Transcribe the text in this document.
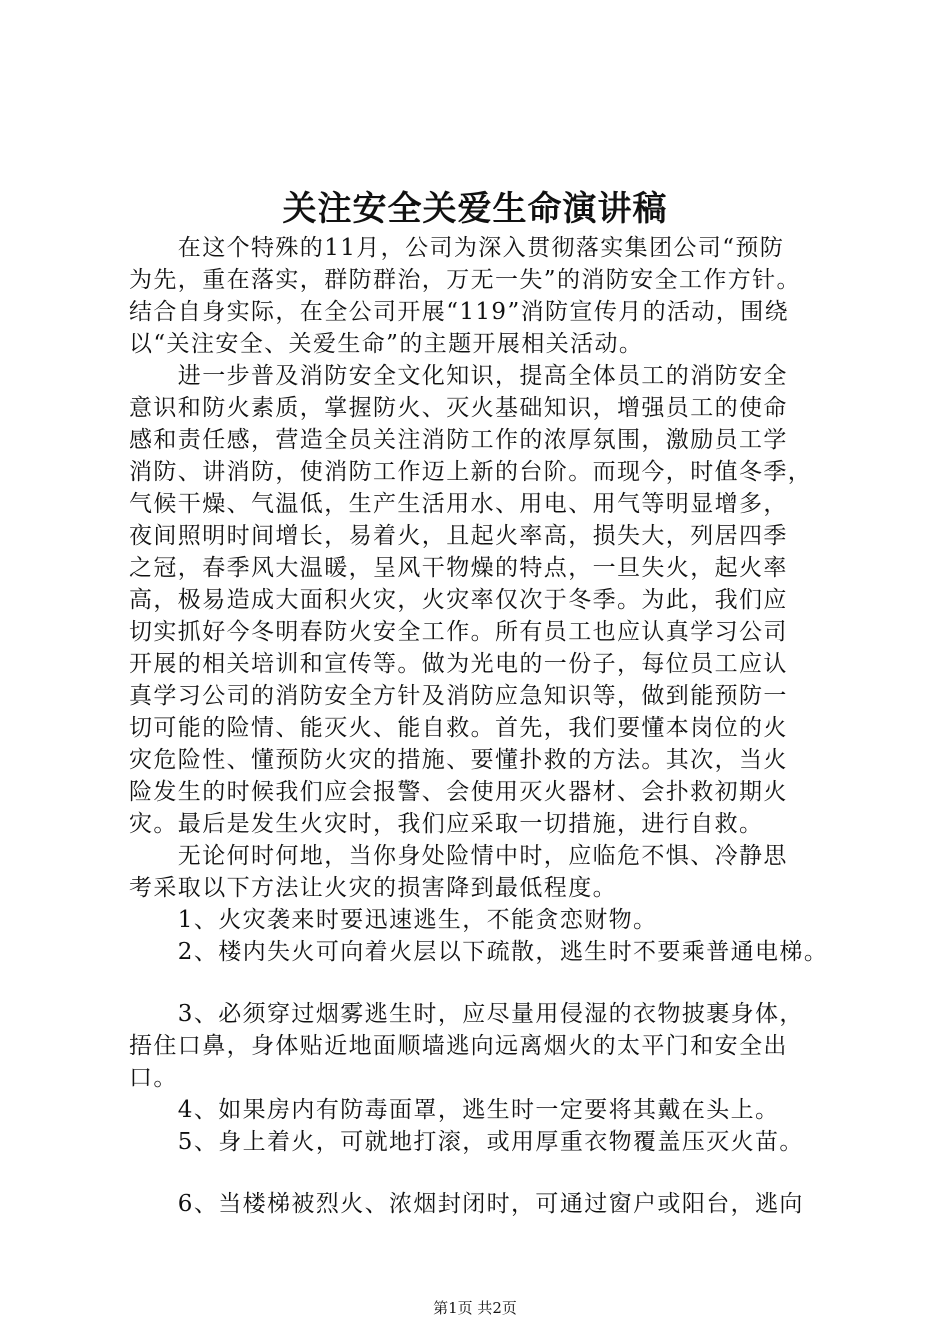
关注安全关爱生命演讲稿
　　在这个特殊的11月，公司为深入贯彻落实集团公司“预防
为先，重在落实，群防群治，万无一失”的消防安全工作方针。
结合自身实际，在全公司开展“119”消防宣传月的活动，围绕
以“关注安全、关爱生命”的主题开展相关活动。
　　进一步普及消防安全文化知识，提高全体员工的消防安全
意识和防火素质，掌握防火、灭火基础知识，增强员工的使命
感和责任感，营造全员关注消防工作的浓厚氛围，激励员工学
消防、讲消防，使消防工作迈上新的台阶。而现今，时值冬季，
气候干燥、气温低，生产生活用水、用电、用气等明显增多，
夜间照明时间增长，易着火，且起火率高，损失大，列居四季
之冠，春季风大温暖，呈风干物燥的特点，一旦失火，起火率
高，极易造成大面积火灾，火灾率仅次于冬季。为此，我们应
切实抓好今冬明春防火安全工作。所有员工也应认真学习公司
开展的相关培训和宣传等。做为光电的一份子，每位员工应认
真学习公司的消防安全方针及消防应急知识等，做到能预防一
切可能的险情、能灭火、能自救。首先，我们要懂本岗位的火
灾危险性、懂预防火灾的措施、要懂扑救的方法。其次，当火
险发生的时候我们应会报警、会使用灭火器材、会扑救初期火
灾。最后是发生火灾时，我们应采取一切措施，进行自救。
　　无论何时何地，当你身处险情中时，应临危不惧、冷静思
考采取以下方法让火灾的损害降到最低程度。
　　1、火灾袭来时要迅速逃生，不能贪恋财物。
　　2、楼内失火可向着火层以下疏散，逃生时不要乘普通电梯。
　　3、必须穿过烟雾逃生时，应尽量用侵湿的衣物披裹身体，
捂住口鼻，身体贴近地面顺墙逃向远离烟火的太平门和安全出
口。
　　4、如果房内有防毒面罩，逃生时一定要将其戴在头上。
　　5、身上着火，可就地打滚，或用厚重衣物覆盖压灭火苗。
　　6、当楼梯被烈火、浓烟封闭时，可通过窗户或阳台，逃向
第1页 共2页
